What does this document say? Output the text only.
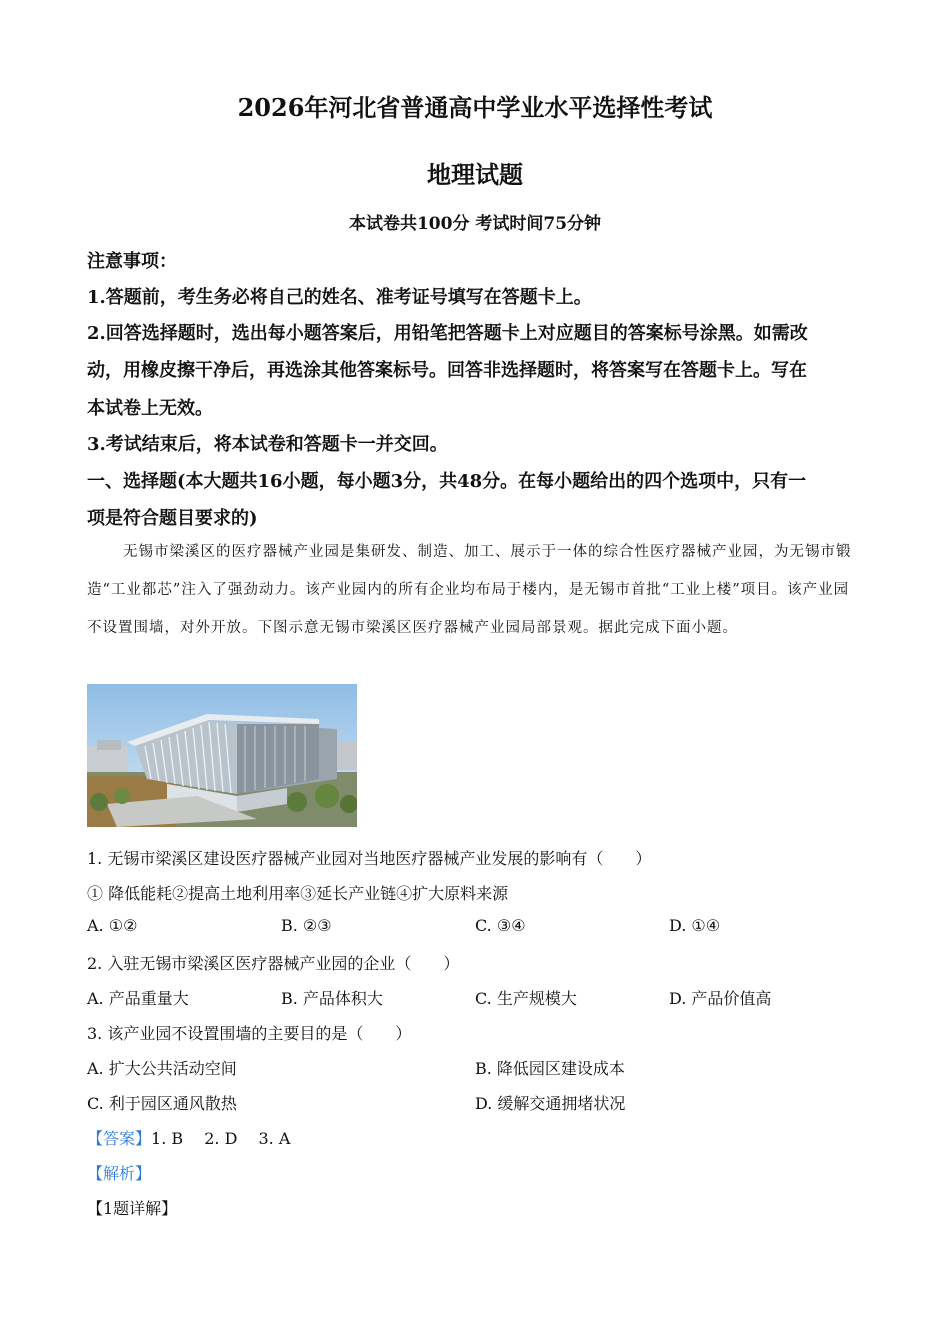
2026年河北省普通高中学业水平选择性考试
地理试题
本试卷共100分 考试时间75分钟
注意事项：
1.答题前，考生务必将自己的姓名、准考证号填写在答题卡上。
2.回答选择题时，选出每小题答案后，用铅笔把答题卡上对应题目的答案标号涂黑。如需改
动，用橡皮擦干净后，再选涂其他答案标号。回答非选择题时，将答案写在答题卡上。写在
本试卷上无效。
3.考试结束后，将本试卷和答题卡一并交回。
一、选择题(本大题共16小题，每小题3分，共48分。在每小题给出的四个选项中，只有一
项是符合题目要求的)
无锡市梁溪区的医疗器械产业园是集研发、制造、加工、展示于一体的综合性医疗器械产业园，为无锡市锻造“工业都芯”注入了强劲动力。该产业园内的所有企业均布局于楼内，是无锡市首批“工业上楼”项目。该产业园不设置围墙，对外开放。下图示意无锡市梁溪区医疗器械产业园局部景观。据此完成下面小题。
1. 无锡市梁溪区建设医疗器械产业园对当地医疗器械产业发展的影响有（　　）
① 降低能耗②提高土地利用率③延长产业链④扩大原料来源
A. ①②	B. ②③	C. ③④	D. ①④
2. 入驻无锡市梁溪区医疗器械产业园的企业（　　）
A. 产品重量大	B. 产品体积大	C. 生产规模大	D. 产品价值高
3. 该产业园不设置围墙的主要目的是（　　）
A. 扩大公共活动空间	B. 降低园区建设成本
C. 利于园区通风散热	D. 缓解交通拥堵状况
【答案】1. B　 2. D　 3. A
【解析】
【1题详解】
